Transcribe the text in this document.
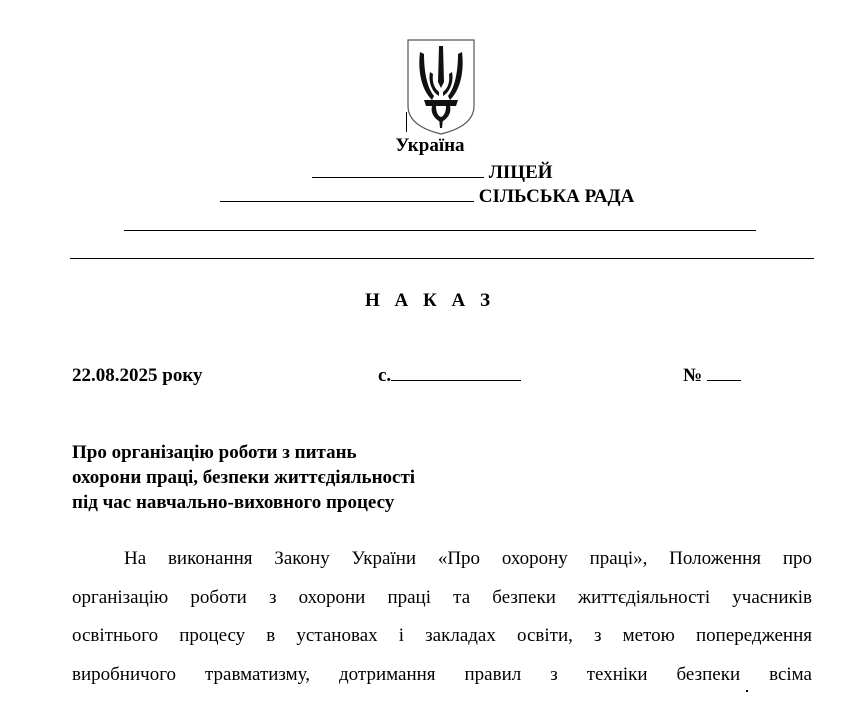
Україна
ЛІЦЕЙ
СІЛЬСЬКА РАДА
Н А К А З
22.08.2025 року	с.	№
Про організацію роботи з питань
охорони праці, безпеки життєдіяльності
під час навчально-виховного процесу
На виконання Закону України «Про охорону праці», Положення про
організацію роботи з охорони праці та безпеки життєдіяльності учасників
освітнього процесу в установах і закладах освіти, з метою попередження
виробничого травматизму, дотримання правил з техніки безпеки всіма
